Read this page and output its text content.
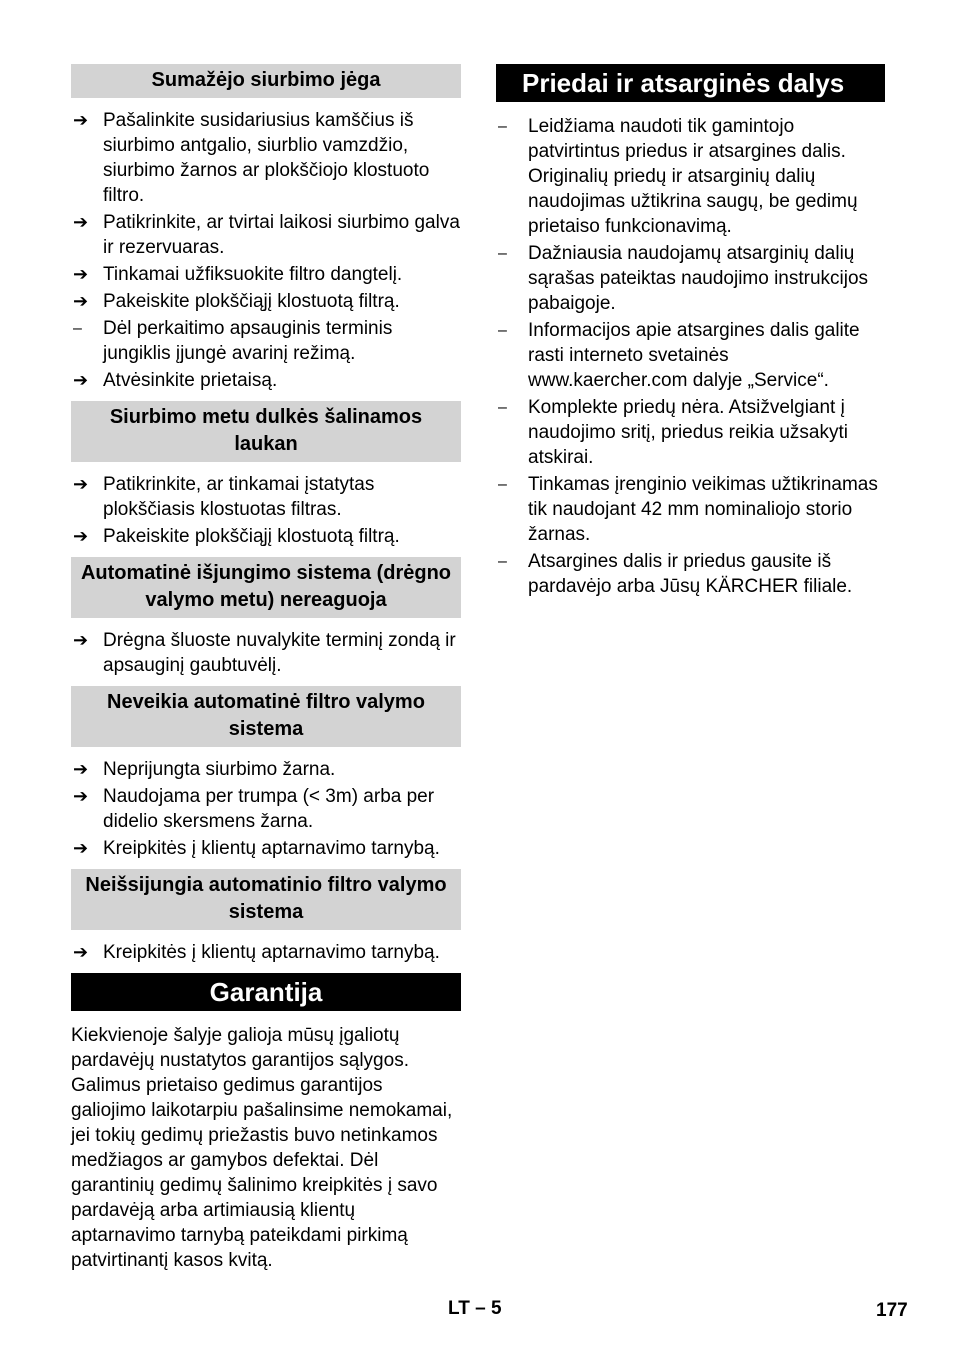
Sumažėjo siurbimo jėga
➔ Pašalinkite susidariusius kamščius iš siurbimo antgalio, siurblio vamzdžio, siurbimo žarnos ar plokščiojo klostuoto filtro.
➔ Patikrinkite, ar tvirtai laikosi siurbimo galva ir rezervuaras.
➔ Tinkamai užfiksuokite filtro dangtelį.
➔ Pakeiskite plokščiąjį klostuotą filtrą.
–	Dėl perkaitimo apsauginis terminis jungiklis įjungė avarinį režimą.
➔ Atvėsinkite prietaisą.
Siurbimo metu dulkės šalinamos laukan
➔ Patikrinkite, ar tinkamai įstatytas plokščiasis klostuotas filtras.
➔ Pakeiskite plokščiąjį klostuotą filtrą.
Automatinė išjungimo sistema (drėgno valymo metu) nereaguoja
➔ Drėgna šluoste nuvalykite terminį zondą ir apsauginį gaubtuvėlį.
Neveikia automatinė filtro valymo sistema
➔ Neprijungta siurbimo žarna.
➔ Naudojama per trumpa (< 3m) arba per didelio skersmens žarna.
➔ Kreipkitės į klientų aptarnavimo tarnybą.
Neišsijungia automatinio filtro valymo sistema
➔ Kreipkitės į klientų aptarnavimo tarnybą.
Garantija

Kiekvienoje šalyje galioja mūsų įgaliotų pardavėjų nustatytos garantijos sąlygos. Galimus prietaiso gedimus garantijos galiojimo laikotarpiu pašalinsime nemokamai, jei tokių gedimų priežastis buvo netinkamos medžiagos ar gamybos defektai. Dėl garantinių gedimų šalinimo kreipkitės į savo pardavėją arba artimiausią klientų aptarnavimo tarnybą pateikdami pirkimą patvirtinantį kasos kvitą.

Priedai ir atsarginės dalys
–	Leidžiama naudoti tik gamintojo patvirtintus priedus ir atsargines dalis. Originalių priedų ir atsarginių dalių naudojimas užtikrina saugų, be gedimų prietaiso funkcionavimą.
–	Dažniausia naudojamų atsarginių dalių sąrašas pateiktas naudojimo instrukcijos pabaigoje.
–	Informacijos apie atsargines dalis galite rasti interneto svetainės www.kaercher.com dalyje „Service“.
–	Komplekte priedų nėra. Atsižvelgiant į naudojimo sritį, priedus reikia užsakyti atskirai.
–	Tinkamas įrenginio veikimas užtikrinamas tik naudojant 42 mm nominaliojo storio žarnas.
–	Atsargines dalis ir priedus gausite iš pardavėjo arba Jūsų KÄRCHER filiale.
LT – 5	177
